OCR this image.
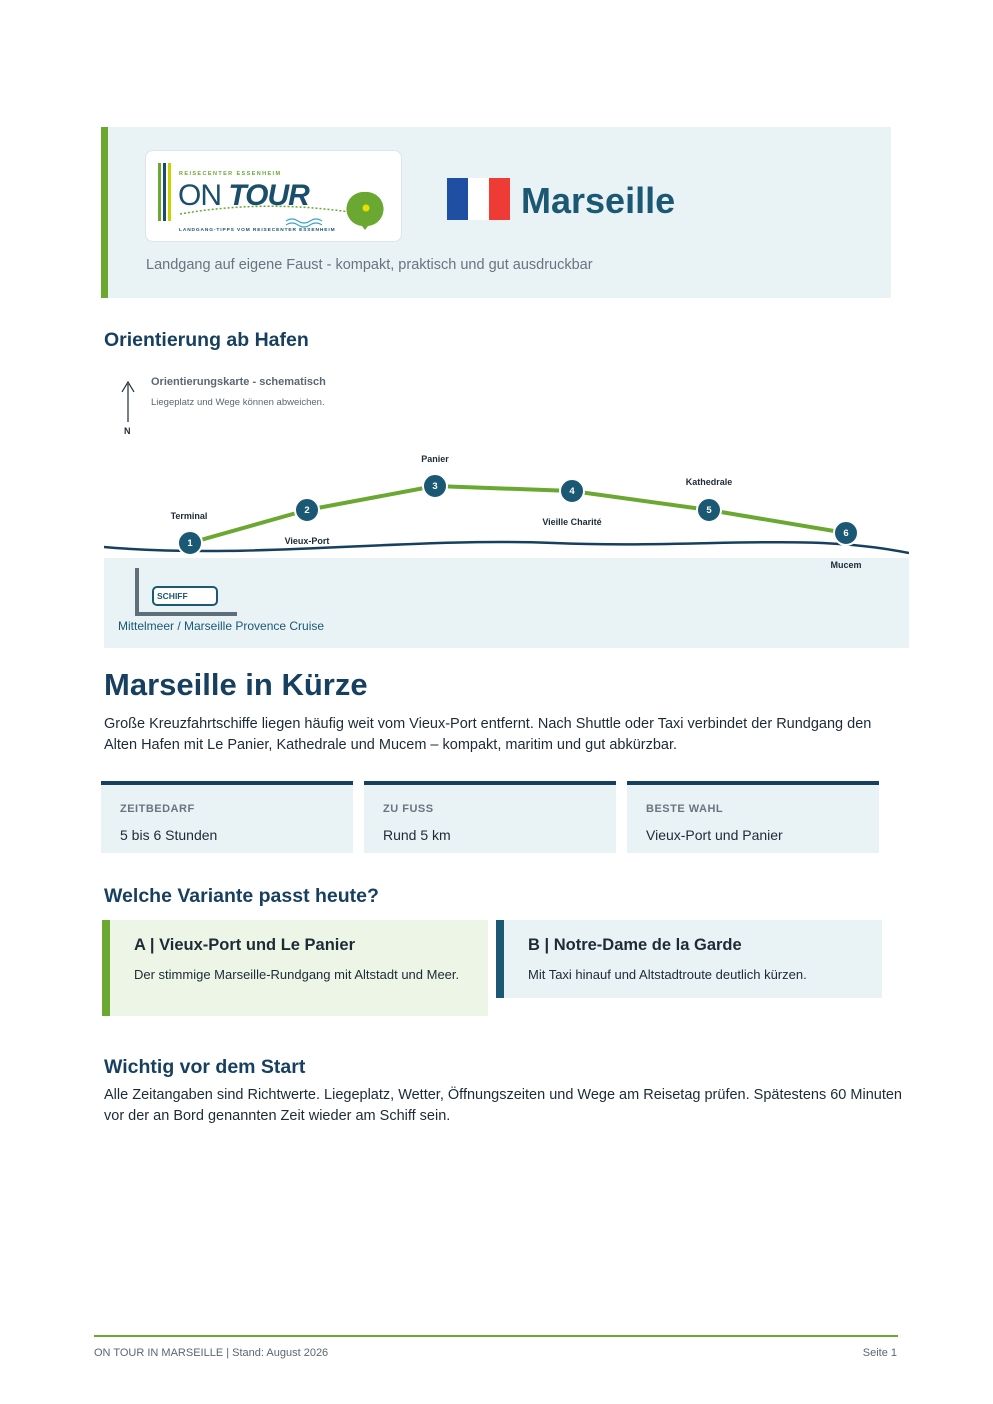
REISECENTER ESSENHEIM
ON TOUR
LANDGANG-TIPPS VOM REISECENTER ESSENHEIM
Marseille
Landgang auf eigene Faust - kompakt, praktisch und gut ausdruckbar
Orientierung ab Hafen
SCHIFF
Mittelmeer / Marseille Provence Cruise
Orientierungskarte - schematisch
Liegeplatz und Wege können abweichen.
N
Terminal
Vieux-Port
Panier
Vieille Charité
Kathedrale
Mucem
1
2
3	4
5
6
Marseille in Kürze
Große Kreuzfahrtschiffe liegen häufig weit vom Vieux-Port entfernt. Nach Shuttle oder Taxi verbindet der Rundgang den Alten Hafen mit Le Panier, Kathedrale und Mucem – kompakt, maritim und gut abkürzbar.
ZEITBEDARF
5 bis 6 Stunden
ZU FUSS
Rund 5 km
BESTE WAHL
Vieux-Port und Panier
Welche Variante passt heute?
A | Vieux-Port und Le Panier
Der stimmige Marseille-Rundgang mit Altstadt und Meer.
B | Notre-Dame de la Garde
Mit Taxi hinauf und Altstadtroute deutlich kürzen.
Wichtig vor dem Start
Alle Zeitangaben sind Richtwerte. Liegeplatz, Wetter, Öffnungszeiten und Wege am Reisetag prüfen. Spätestens 60 Minuten vor der an Bord genannten Zeit wieder am Schiff sein.
ON TOUR IN MARSEILLE | Stand: August 2026	Seite 1
